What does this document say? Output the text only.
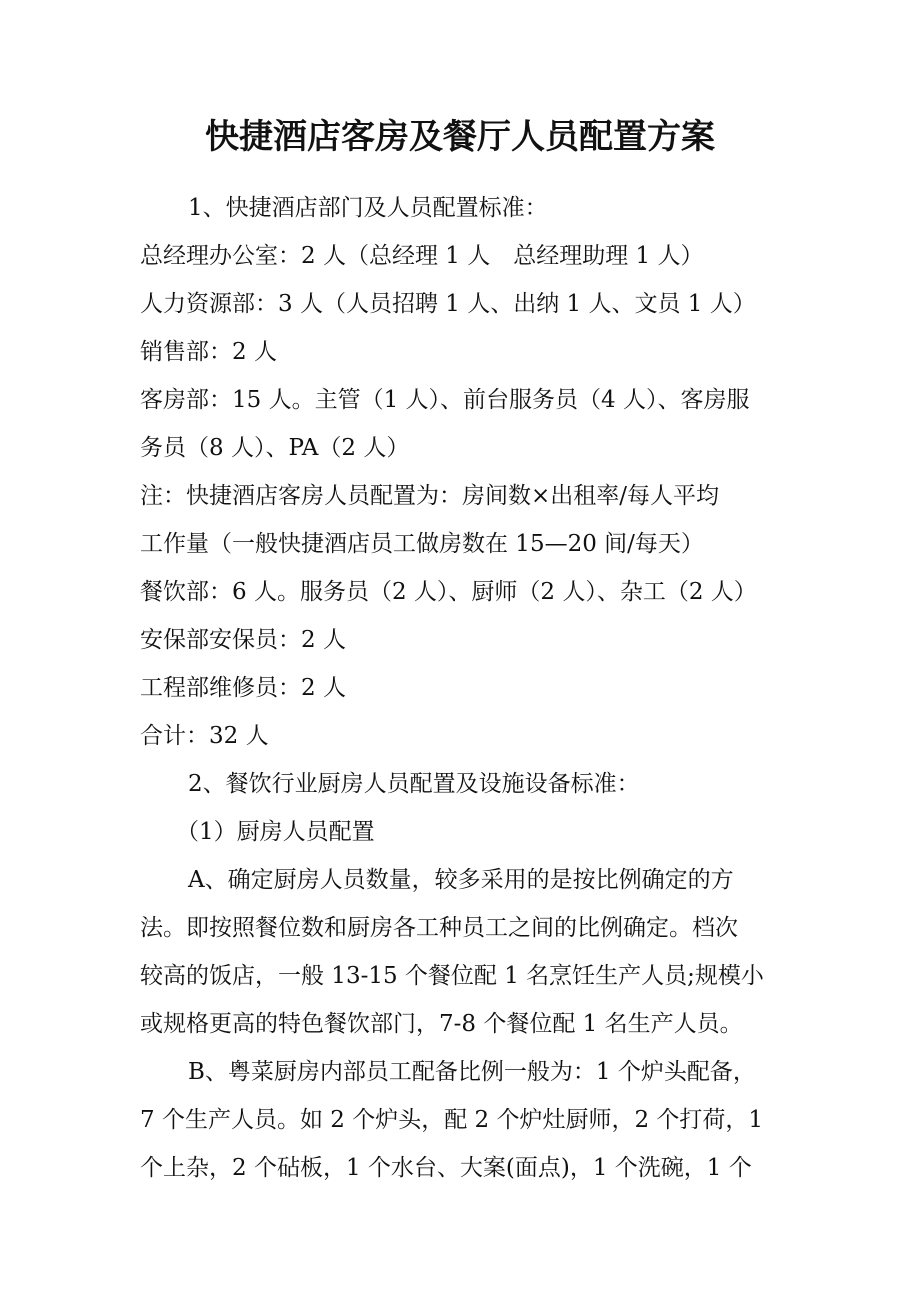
快捷酒店客房及餐厅人员配置方案

1、快捷酒店部门及人员配置标准：

总经理办公室：2 人（总经理 1 人　总经理助理 1 人）

人力资源部：3 人（人员招聘 1 人、出纳 1 人、文员 1 人）

销售部：2 人

客房部：15 人。主管（1 人）、前台服务员（4 人）、客房服

务员（8 人）、PA（2 人）

注：快捷酒店客房人员配置为：房间数×出租率/每人平均

工作量（一般快捷酒店员工做房数在 15—20 间/每天）

餐饮部：6 人。服务员（2 人）、厨师（2 人）、杂工（2 人）

安保部安保员：2 人

工程部维修员：2 人

合计：32 人

2、餐饮行业厨房人员配置及设施设备标准：

（1）厨房人员配置

A、确定厨房人员数量，较多采用的是按比例确定的方

法。即按照餐位数和厨房各工种员工之间的比例确定。档次

较高的饭店，一般 13-15 个餐位配 1 名烹饪生产人员;规模小

或规格更高的特色餐饮部门，7-8 个餐位配 1 名生产人员。

B、粤菜厨房内部员工配备比例一般为：1 个炉头配备，

7 个生产人员。如 2 个炉头，配 2 个炉灶厨师，2 个打荷，1

个上杂，2 个砧板，1 个水台、大案(面点)，1 个洗碗，1 个
